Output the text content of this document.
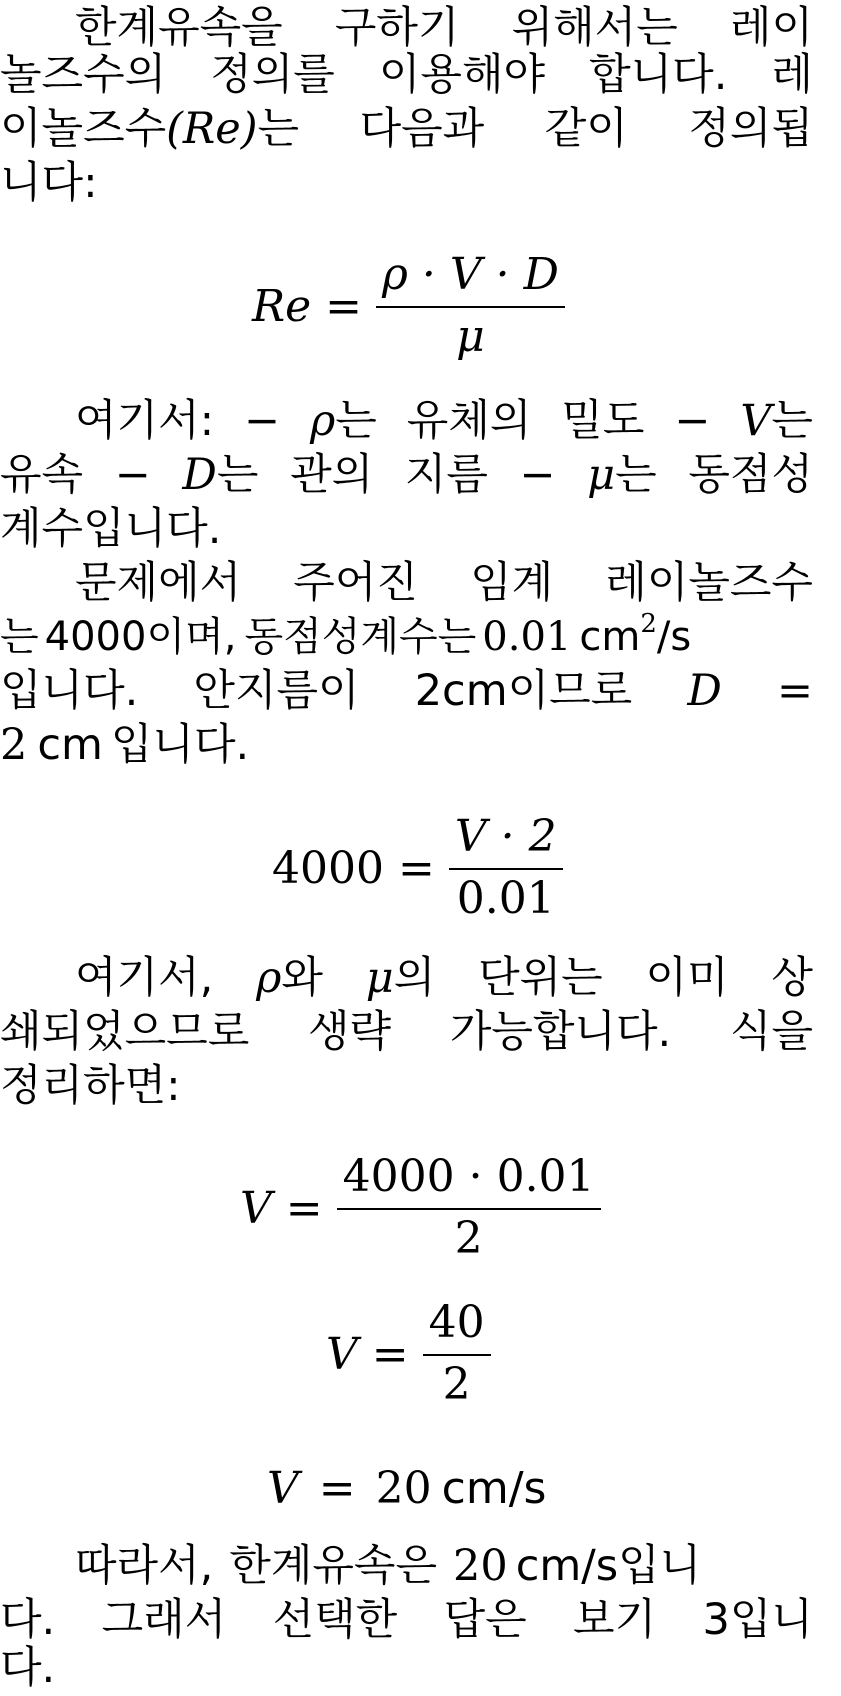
한계유속을 구하기 위해서는 레이
놀즈수의 정의를 이용해야 합니다. 레
이놀즈수(Re)는 다음과 같이 정의됩
니다:
$Re = \frac{\rho \cdot V \cdot D}{\mu}$
여기서: − ρ는 유체의 밀도 − V는
유속 − D는 관의 지름 − μ는 동점성
계수입니다.
문제에서 주어진 임계 레이놀즈수
는 4000이며, 동점성계수는 0.01 $cm^2/s$
입니다. 안지름이 2cm이므로 D =
2 cm 입니다.
$4000 = \frac{V \cdot 2}{0.01}$
여기서, ρ와 μ의 단위는 이미 상
쇄되었으므로 생략 가능합니다. 식을
정리하면:
$V = \frac{4000 \cdot 0.01}{2}$
$V = \frac{40}{2}$
V = 20 cm/s
따라서, 한계유속은 20 cm/s입니
다. 그래서 선택한 답은 보기 3입니
다.
